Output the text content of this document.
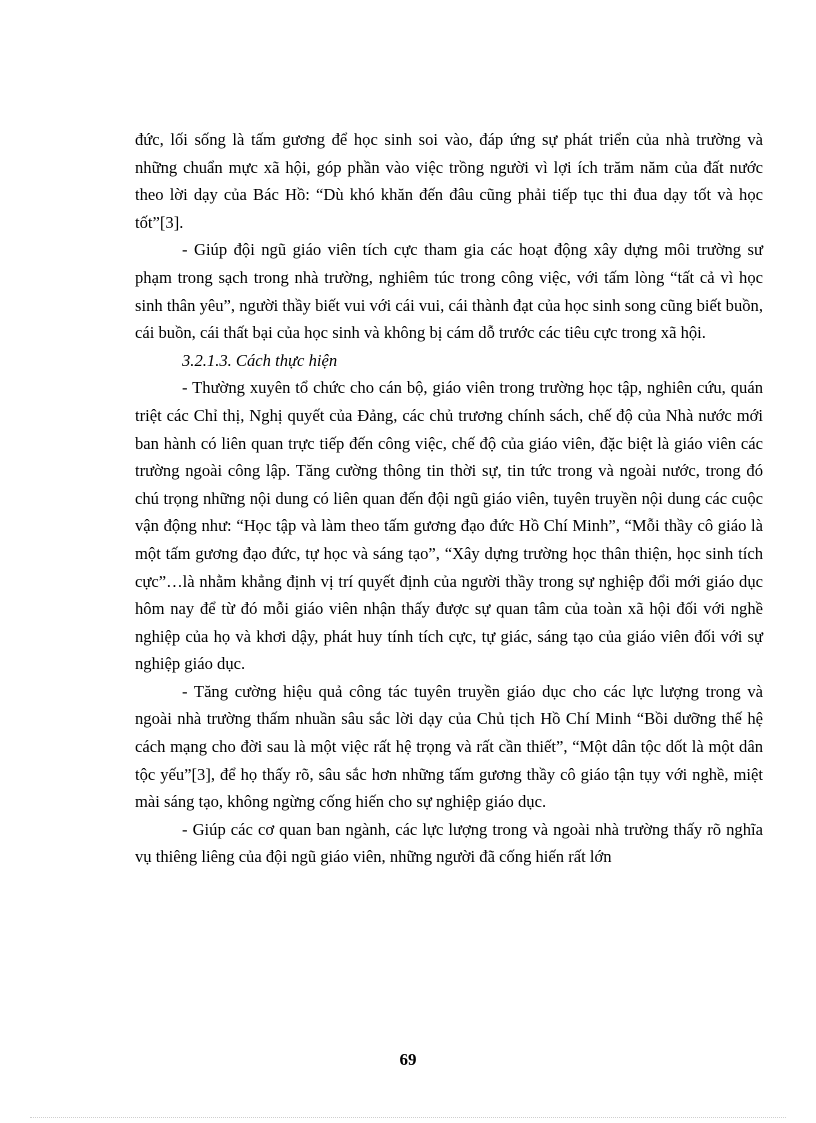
đức, lối sống là tấm gương để học sinh soi vào, đáp ứng sự phát triển của nhà trường và những chuẩn mực xã hội, góp phần vào việc trồng người vì lợi ích trăm năm của đất nước theo lời dạy của Bác Hồ: “Dù khó khăn đến đâu cũng phải tiếp tục thi đua dạy tốt và học tốt”[3].

- Giúp đội ngũ giáo viên tích cực tham gia các hoạt động xây dựng môi trường sư phạm trong sạch trong nhà trường, nghiêm túc trong công việc, với tấm lòng “tất cả vì học sinh thân yêu”, người thầy biết vui với cái vui, cái thành đạt của học sinh song cũng biết buồn, cái buồn, cái thất bại của học sinh và không bị cám dỗ trước các tiêu cực trong xã hội.

3.2.1.3. Cách thực hiện

- Thường xuyên tổ chức cho cán bộ, giáo viên trong trường học tập, nghiên cứu, quán triệt các Chỉ thị, Nghị quyết của Đảng, các chủ trương chính sách, chế độ của Nhà nước mới ban hành có liên quan trực tiếp đến công việc, chế độ của giáo viên, đặc biệt là giáo viên các trường ngoài công lập. Tăng cường thông tin thời sự, tin tức trong và ngoài nước, trong đó chú trọng những nội dung có liên quan đến đội ngũ giáo viên, tuyên truyền nội dung các cuộc vận động như: “Học tập và làm theo tấm gương đạo đức Hồ Chí Minh”, “Mỗi thầy cô giáo là một tấm gương đạo đức, tự học và sáng tạo”, “Xây dựng trường học thân thiện, học sinh tích cực”…là nhằm khẳng định vị trí quyết định của người thầy trong sự nghiệp đổi mới giáo dục hôm nay để từ đó mỗi giáo viên nhận thấy được sự quan tâm của toàn xã hội đối với nghề nghiệp của họ và khơi dậy, phát huy tính tích cực, tự giác, sáng tạo của giáo viên đối với sự nghiệp giáo dục.

- Tăng cường hiệu quả công tác tuyên truyền giáo dục cho các lực lượng trong và ngoài nhà trường thấm nhuần sâu sắc lời dạy của Chủ tịch Hồ Chí Minh “Bồi dưỡng thế hệ cách mạng cho đời sau là một việc rất hệ trọng và rất cần thiết”, “Một dân tộc dốt là một dân tộc yếu”[3], để họ thấy rõ, sâu sắc hơn những tấm gương thầy cô giáo tận tụy với nghề, miệt mài sáng tạo, không ngừng cống hiến cho sự nghiệp giáo dục.

- Giúp các cơ quan ban ngành, các lực lượng trong và ngoài nhà trường thấy rõ nghĩa vụ thiêng liêng của đội ngũ giáo viên, những người đã cống hiến rất lớn

69
